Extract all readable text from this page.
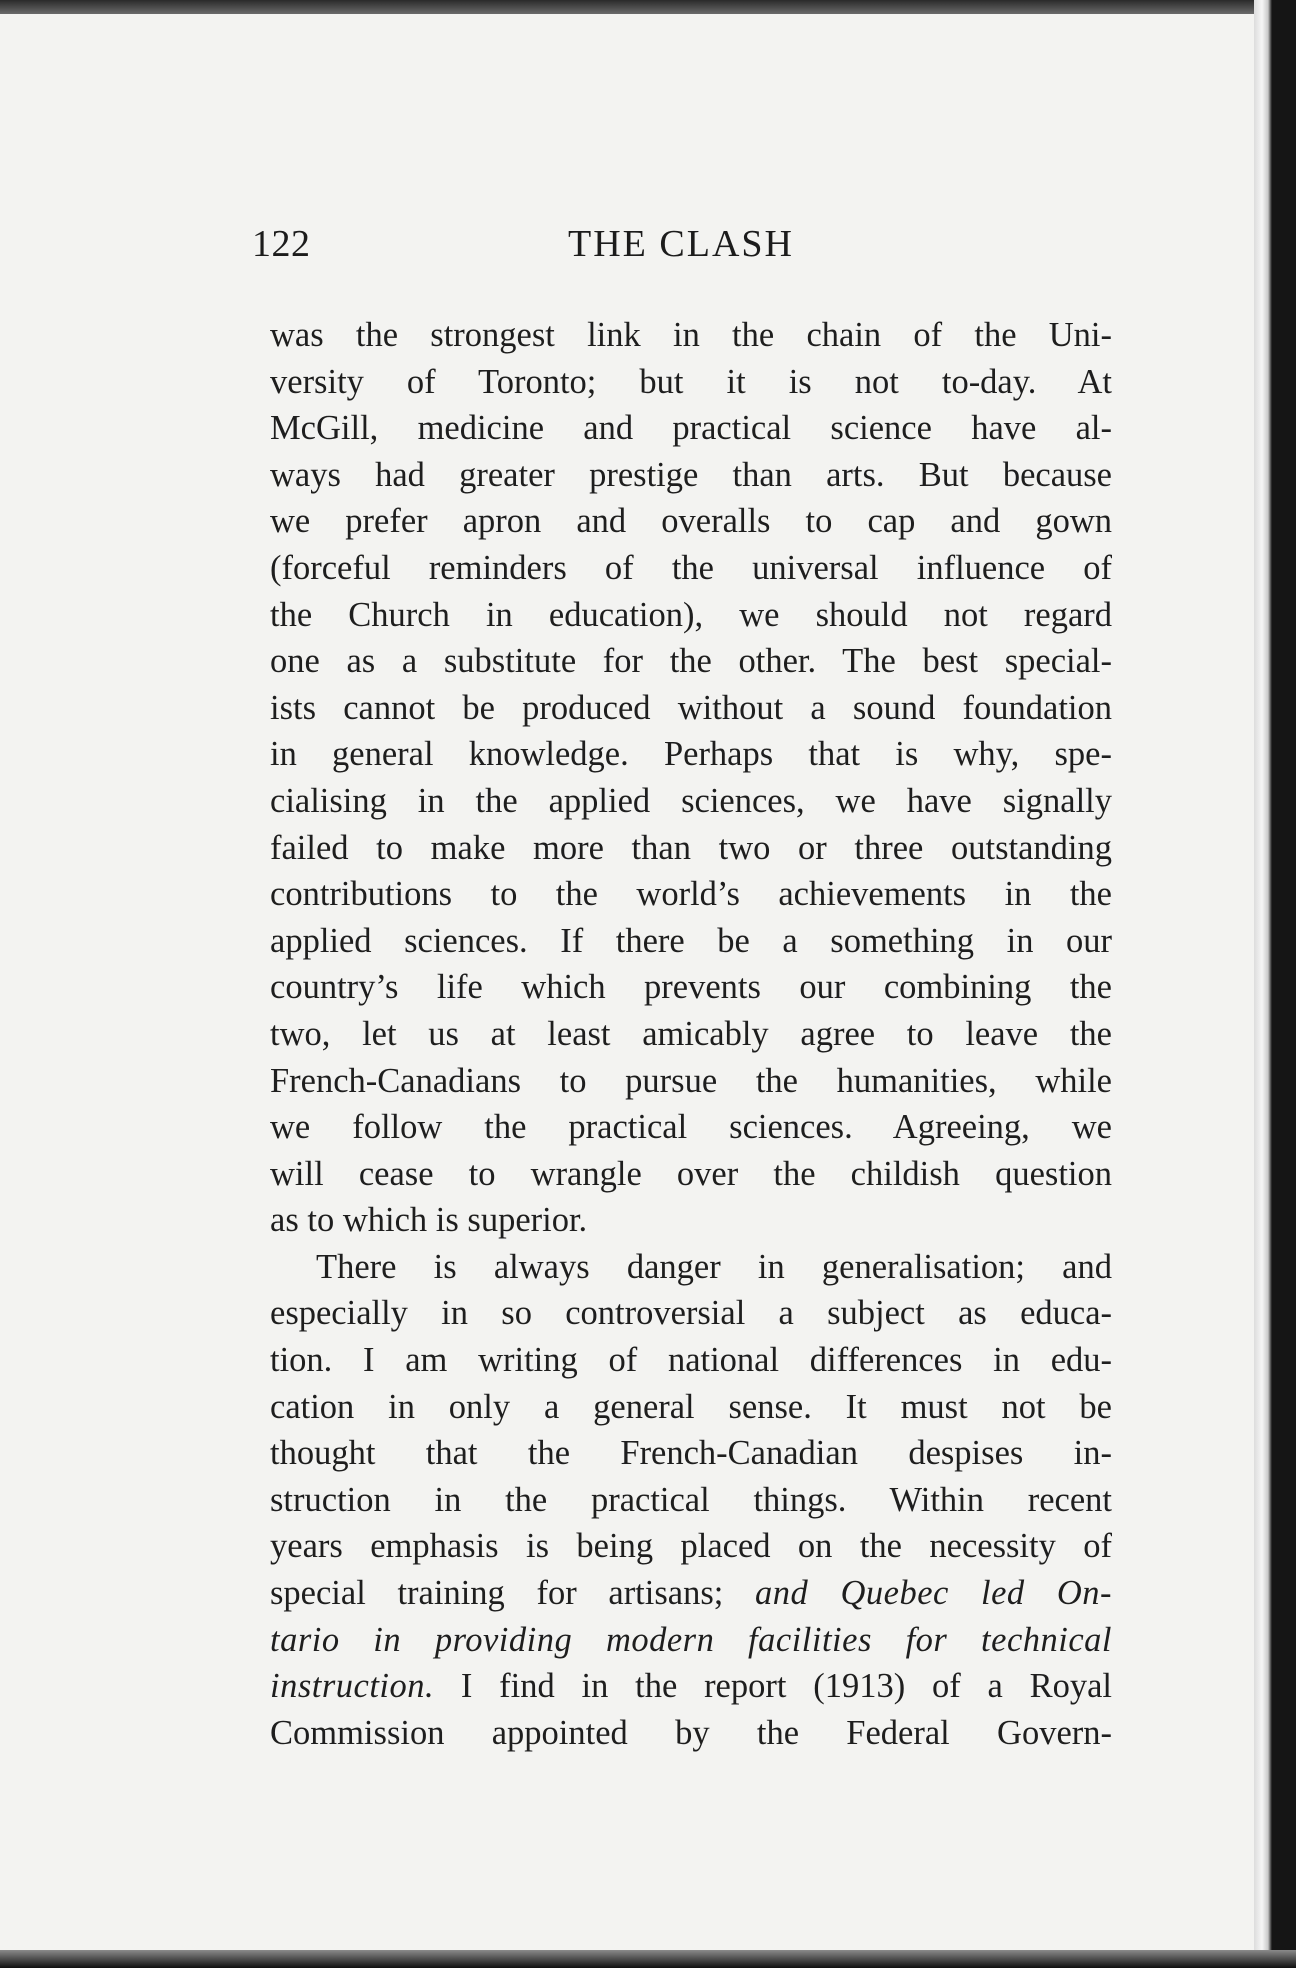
122	THE CLASH
was the strongest link in the chain of the Uni-
versity of Toronto; but it is not to-day. At
McGill, medicine and practical science have al-
ways had greater prestige than arts. But because
we prefer apron and overalls to cap and gown
(forceful reminders of the universal influence of
the Church in education), we should not regard
one as a substitute for the other. The best special-
ists cannot be produced without a sound foundation
in general knowledge. Perhaps that is why, spe-
cialising in the applied sciences, we have signally
failed to make more than two or three outstanding
contributions to the world’s achievements in the
applied sciences. If there be a something in our
country’s life which prevents our combining the
two, let us at least amicably agree to leave the
French-Canadians to pursue the humanities, while
we follow the practical sciences. Agreeing, we
will cease to wrangle over the childish question
as to which is superior.
There is always danger in generalisation; and
especially in so controversial a subject as educa-
tion. I am writing of national differences in edu-
cation in only a general sense. It must not be
thought that the French-Canadian despises in-
struction in the practical things. Within recent
years emphasis is being placed on the necessity of
special training for artisans; and Quebec led On-
tario in providing modern facilities for technical
instruction. I find in the report (1913) of a Royal
Commission appointed by the Federal Govern-
